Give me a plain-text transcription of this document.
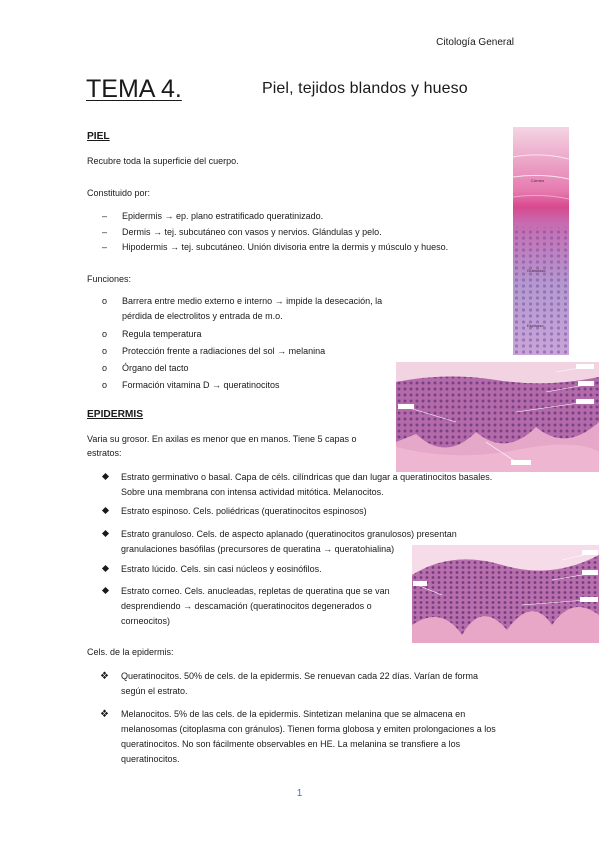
Citología General
TEMA 4.	Piel, tejidos blandos y hueso
PIEL
Recubre toda la superficie del cuerpo.
Constituido por:
– Epidermis → ep. plano estratificado queratinizado.
– Dermis → tej. subcutáneo con vasos y nervios. Glándulas y pelo.
– Hipodermis → tej. subcutáneo. Unión divisoria entre la dermis y músculo y hueso.
Funciones:
o Barrera entre medio externo e interno → impide la desecación, la pérdida de electrolitos y entrada de m.o.
o Regula temperatura
o Protección frente a radiaciones del sol → melanina
o Órgano del tacto
o Formación vitamina D → queratinocitos
EPIDERMIS
Varia su grosor. En axilas es menor que en manos. Tiene 5 capas o
estratos:
Estrato germinativo o basal. Capa de céls. cilíndricas que dan lugar a queratinocitos basales. Sobre una membrana con intensa actividad mitótica. Melanocitos.
Estrato espinoso. Cels. poliédricas (queratinocitos espinosos)
Estrato granuloso. Cels. de aspecto aplanado (queratinocitos granulosos) presentan granulaciones basófilas (precursores de queratina → queratohialina)
Estrato lúcido. Cels. sin casi núcleos y eosinófilos.
Estrato corneo. Cels. anucleadas, repletas de queratina que se van desprendiendo → descamación (queratinocitos degenerados o corneocitos)
Cels. de la epidermis:
❖ Queratinocitos. 50% de cels. de la epidermis. Se renuevan cada 22 días. Varían de forma según el estrato.
❖ Melanocitos. 5% de las cels. de la epidermis. Sintetizan melanina que se almacena en melanosomas (citoplasma con gránulos). Tienen forma globosa y emiten prolongaciones a los queratinocitos. No son fácilmente observables en HE. La melanina se transfiere a los queratinocitos.
Córneo
Granuloso
Espinoso
1
